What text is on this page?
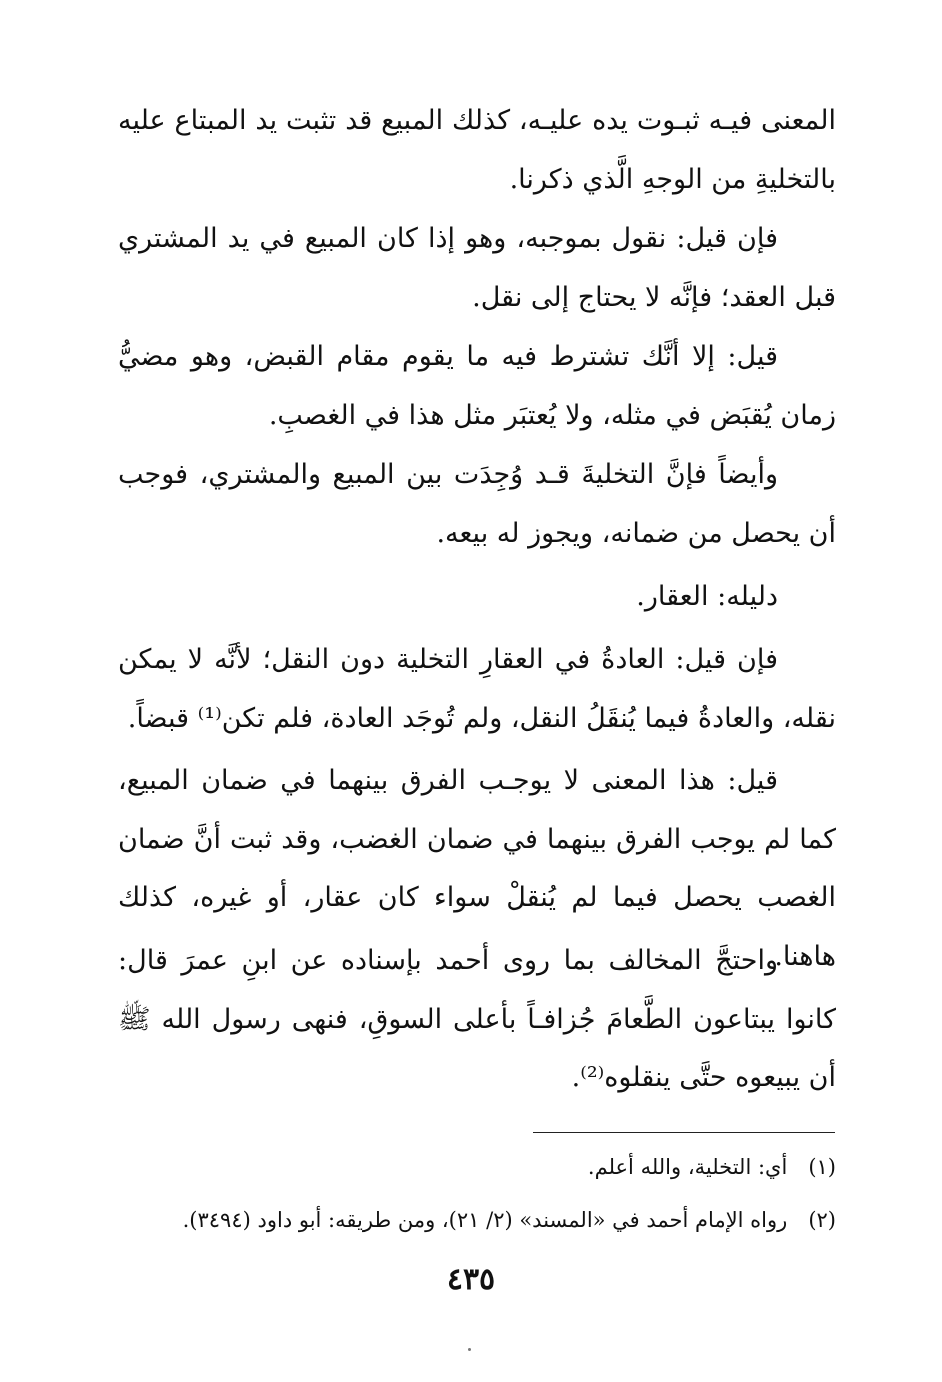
المعنى فيـه ثبـوت يده عليـه، كذلك المبيع قد تثبت يد المبتاع عليه بالتخليةِ من الوجهِ الَّذي ذكرنا.

فإن قيل: نقول بموجبه، وهو إذا كان المبيع في يد المشتري قبل العقد؛ فإنَّه لا يحتاج إلى نقل.

قيل: إلا أنَّك تشترط فيه ما يقوم مقام القبض، وهو مضيُّ زمان يُقبَض في مثله، ولا يُعتبَر مثل هذا في الغصبِ.

وأيضاً فإنَّ التخليةَ قـد وُجِدَت بين المبيع والمشتري، فوجب أن يحصل من ضمانه، ويجوز له بيعه.

دليله: العقار.

فإن قيل: العادةُ في العقارِ التخلية دون النقل؛ لأنَّه لا يمكن نقله، والعادةُ فيما يُنقَلُ النقل، ولم تُوجَد العادة، فلم تكن⁽¹⁾ قبضاً.

قيل: هذا المعنى لا يوجـب الفرق بينهما في ضمان المبيع، كما لم يوجب الفرق بينهما في ضمان الغضب، وقد ثبت أنَّ ضمان الغصب يحصل فيما لم يُنقلْ سواء كان عقار، أو غيره، كذلك هاهنا.

واحتجَّ المخالف بما روى أحمد بإسناده عن ابنِ عمرَ قال: كانوا يبتاعون الطَّعامَ جُزافـاً بأعلى السوقِ، فنهى رسول الله ﷺ أن يبيعوه حتَّى ينقلوه⁽²⁾.

(١) أي: التخلية، والله أعلم.

(٢) رواه الإمام أحمد في «المسند» (٢/ ٢١)، ومن طريقه: أبو داود (٣٤٩٤).

٤٣٥
